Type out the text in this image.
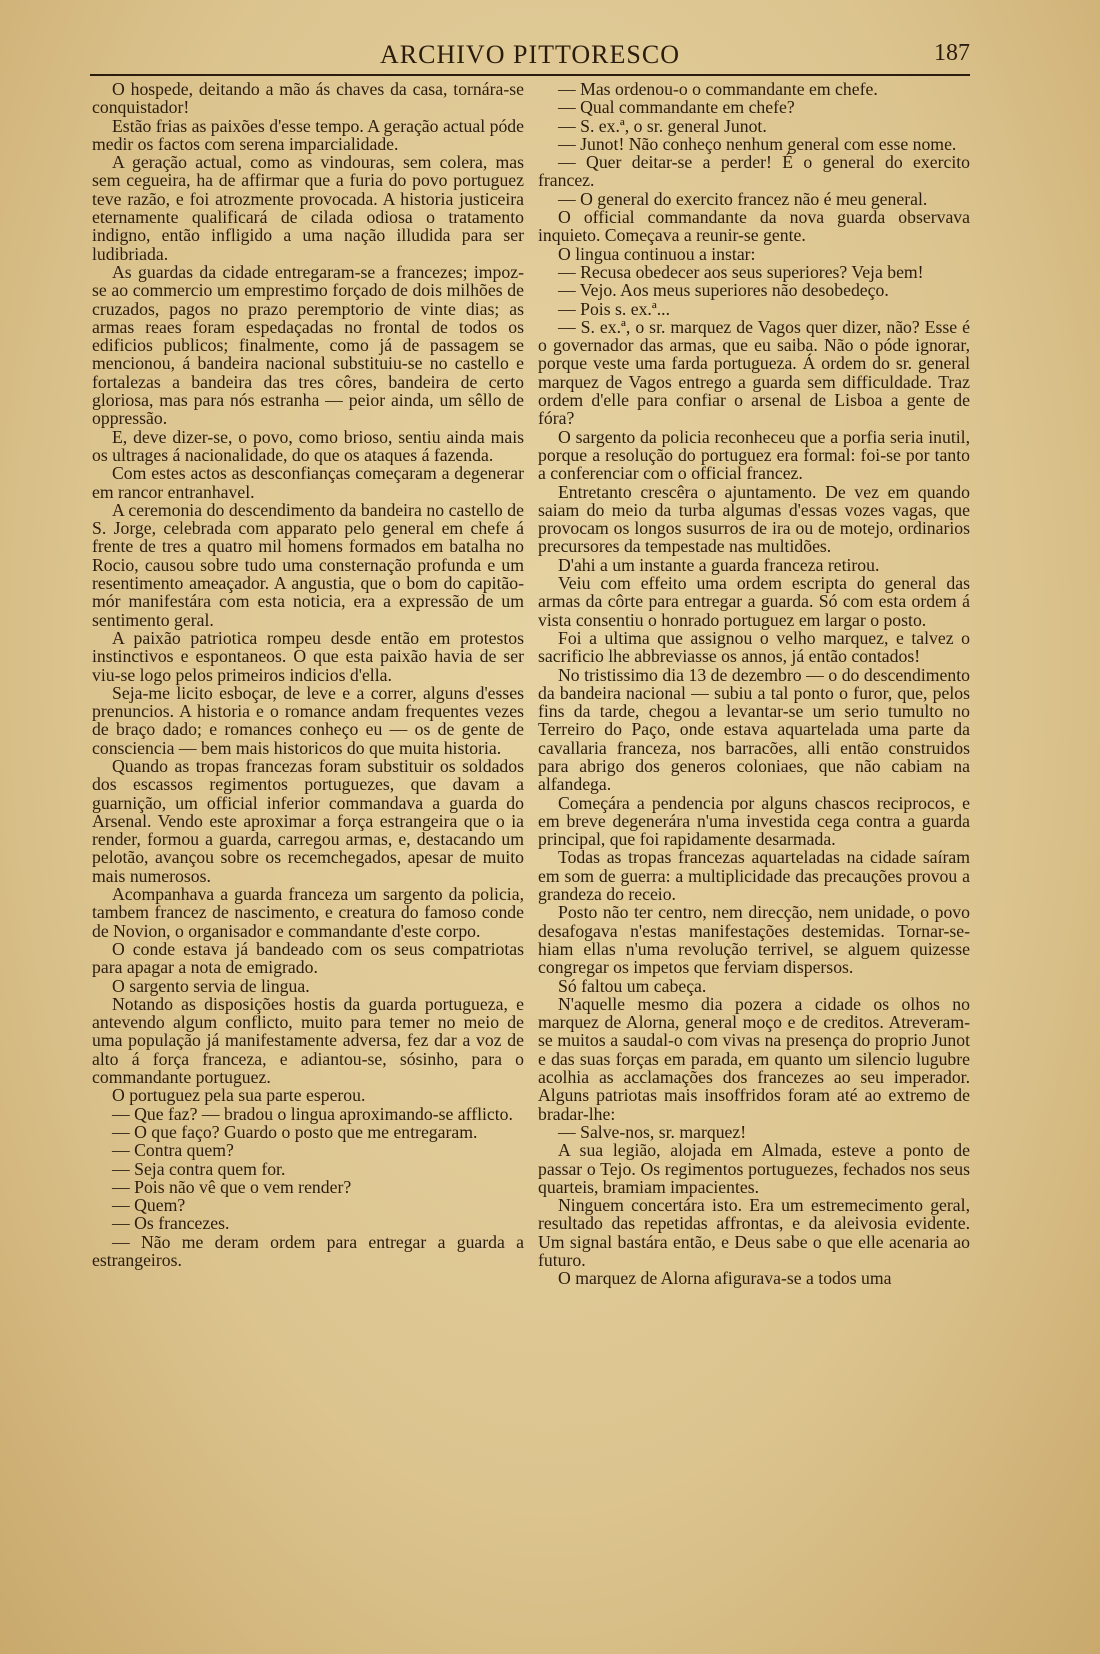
ARCHIVO PITTORESCO	187

O hospede, deitando a mão ás chaves da casa, tornára-se conquistador!

Estão frias as paixões d'esse tempo. A geração actual póde medir os factos com serena imparcialidade.

A geração actual, como as vindouras, sem colera, mas sem cegueira, ha de affirmar que a furia do povo portuguez teve razão, e foi atrozmente provocada. A historia justiceira eternamente qualificará de cilada odiosa o tratamento indigno, então infligido a uma nação illudida para ser ludibriada.

As guardas da cidade entregaram-se a francezes; impoz-se ao commercio um emprestimo forçado de dois milhões de cruzados, pagos no prazo peremptorio de vinte dias; as armas reaes foram espedaçadas no frontal de todos os edificios publicos; finalmente, como já de passagem se mencionou, á bandeira nacional substituiu-se no castello e fortalezas a bandeira das tres côres, bandeira de certo gloriosa, mas para nós estranha — peior ainda, um sêllo de oppressão.

E, deve dizer-se, o povo, como brioso, sentiu ainda mais os ultrages á nacionalidade, do que os ataques á fazenda.

Com estes actos as desconfianças começaram a degenerar em rancor entranhavel.

A ceremonia do descendimento da bandeira no castello de S. Jorge, celebrada com apparato pelo general em chefe á frente de tres a quatro mil homens formados em batalha no Rocio, causou sobre tudo uma consternação profunda e um resentimento ameaçador. A angustia, que o bom do capitão-mór manifestára com esta noticia, era a expressão de um sentimento geral.

A paixão patriotica rompeu desde então em protestos instinctivos e espontaneos. O que esta paixão havia de ser viu-se logo pelos primeiros indicios d'ella.

Seja-me licito esboçar, de leve e a correr, alguns d'esses prenuncios. A historia e o romance andam frequentes vezes de braço dado; e romances conheço eu — os de gente de consciencia — bem mais historicos do que muita historia.

Quando as tropas francezas foram substituir os soldados dos escassos regimentos portuguezes, que davam a guarnição, um official inferior commandava a guarda do Arsenal. Vendo este aproximar a força estrangeira que o ia render, formou a guarda, carregou armas, e, destacando um pelotão, avançou sobre os recemchegados, apesar de muito mais numerosos.

Acompanhava a guarda franceza um sargento da policia, tambem francez de nascimento, e creatura do famoso conde de Novion, o organisador e commandante d'este corpo.

O conde estava já bandeado com os seus compatriotas para apagar a nota de emigrado.

O sargento servia de lingua.

Notando as disposições hostis da guarda portugueza, e antevendo algum conflicto, muito para temer no meio de uma população já manifestamente adversa, fez dar a voz de alto á força franceza, e adiantou-se, sósinho, para o commandante portuguez.

O portuguez pela sua parte esperou.

— Que faz? — bradou o lingua aproximando-se afflicto.

— O que faço? Guardo o posto que me entregaram.

— Contra quem?

— Seja contra quem for.

— Pois não vê que o vem render?

— Quem?

— Os francezes.

— Não me deram ordem para entregar a guarda a estrangeiros.

— Mas ordenou-o o commandante em chefe.

— Qual commandante em chefe?

— S. ex.ª, o sr. general Junot.

— Junot! Não conheço nenhum general com esse nome.

— Quer deitar-se a perder! É o general do exercito francez.

— O general do exercito francez não é meu general.

O official commandante da nova guarda observava inquieto. Começava a reunir-se gente.

O lingua continuou a instar:

— Recusa obedecer aos seus superiores? Veja bem!

— Vejo. Aos meus superiores não desobedeço.

— Pois s. ex.ª...

— S. ex.ª, o sr. marquez de Vagos quer dizer, não? Esse é o governador das armas, que eu saiba. Não o póde ignorar, porque veste uma farda portugueza. Á ordem do sr. general marquez de Vagos entrego a guarda sem difficuldade. Traz ordem d'elle para confiar o arsenal de Lisboa a gente de fóra?

O sargento da policia reconheceu que a porfia seria inutil, porque a resolução do portuguez era formal: foi-se por tanto a conferenciar com o official francez.

Entretanto crescêra o ajuntamento. De vez em quando saiam do meio da turba algumas d'essas vozes vagas, que provocam os longos susurros de ira ou de motejo, ordinarios precursores da tempestade nas multidões.

D'ahi a um instante a guarda franceza retirou.

Veiu com effeito uma ordem escripta do general das armas da côrte para entregar a guarda. Só com esta ordem á vista consentiu o honrado portuguez em largar o posto.

Foi a ultima que assignou o velho marquez, e talvez o sacrificio lhe abbreviasse os annos, já então contados!

No tristissimo dia 13 de dezembro — o do descendimento da bandeira nacional — subiu a tal ponto o furor, que, pelos fins da tarde, chegou a levantar-se um serio tumulto no Terreiro do Paço, onde estava aquartelada uma parte da cavallaria franceza, nos barracões, alli então construidos para abrigo dos generos coloniaes, que não cabiam na alfandega.

Começára a pendencia por alguns chascos reciprocos, e em breve degenerára n'uma investida cega contra a guarda principal, que foi rapidamente desarmada.

Todas as tropas francezas aquarteladas na cidade saíram em som de guerra: a multiplicidade das precauções provou a grandeza do receio.

Posto não ter centro, nem direcção, nem unidade, o povo desafogava n'estas manifestações destemidas. Tornar-se-hiam ellas n'uma revolução terrivel, se alguem quizesse congregar os impetos que ferviam dispersos.

Só faltou um cabeça.

N'aquelle mesmo dia pozera a cidade os olhos no marquez de Alorna, general moço e de creditos. Atreveram-se muitos a saudal-o com vivas na presença do proprio Junot e das suas forças em parada, em quanto um silencio lugubre acolhia as acclamações dos francezes ao seu imperador. Alguns patriotas mais insoffridos foram até ao extremo de bradar-lhe:

— Salve-nos, sr. marquez!

A sua legião, alojada em Almada, esteve a ponto de passar o Tejo. Os regimentos portuguezes, fechados nos seus quarteis, bramiam impacientes.

Ninguem concertára isto. Era um estremecimento geral, resultado das repetidas affrontas, e da aleivosia evidente. Um signal bastára então, e Deus sabe o que elle acenaria ao futuro.

O marquez de Alorna afigurava-se a todos uma
